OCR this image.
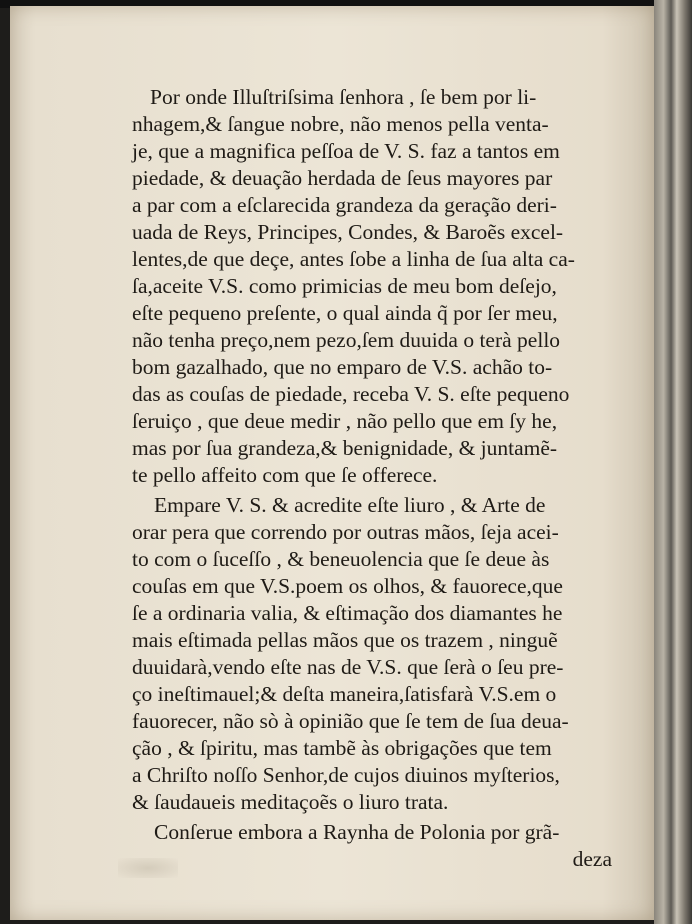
Por onde Illuſtriſsima ſenhora , ſe bem por li-
nhagem,& ſangue nobre, não menos pella venta-
je, que a magnifica peſſoa de V. S. faz a tantos em
piedade, & deuação herdada de ſeus mayores par
a par com a eſclarecida grandeza da geração deri-
uada de Reys, Principes, Condes, & Baroẽs excel-
lentes,de que deçe, antes ſobe a linha de ſua alta ca-
ſa,aceite V.S. como primicias de meu bom deſejo,
eſte pequeno preſente, o qual ainda q̃ por ſer meu,
não tenha preço,nem pezo,ſem duuida o terà pello
bom gazalhado, que no emparo de V.S. achão to-
das as couſas de piedade, receba V. S. eſte pequeno
ſeruiço , que deue medir , não pello que em ſy he,
mas por ſua grandeza,& benignidade, & juntamẽ-
te pello affeito com que ſe offerece.
Empare V. S. & acredite eſte liuro , & Arte de
orar pera que correndo por outras mãos, ſeja acei-
to com o ſuceſſo , & beneuolencia que ſe deue às
couſas em que V.S.poem os olhos, & fauorece,que
ſe a ordinaria valia, & eſtimação dos diamantes he
mais eſtimada pellas mãos que os trazem , ninguẽ
duuidarà,vendo eſte nas de V.S. que ſerà o ſeu pre-
ço ineſtimauel;& deſta maneira,ſatisfarà V.S.em o
fauorecer, não sò à opinião que ſe tem de ſua deua-
ção , & ſpiritu, mas tambẽ às obrigações que tem
a Chriſto noſſo Senhor,de cujos diuinos myſterios,
& ſaudaueis meditaçoẽs o liuro trata.
Conſerue embora a Raynha de Polonia por grã-
deza
